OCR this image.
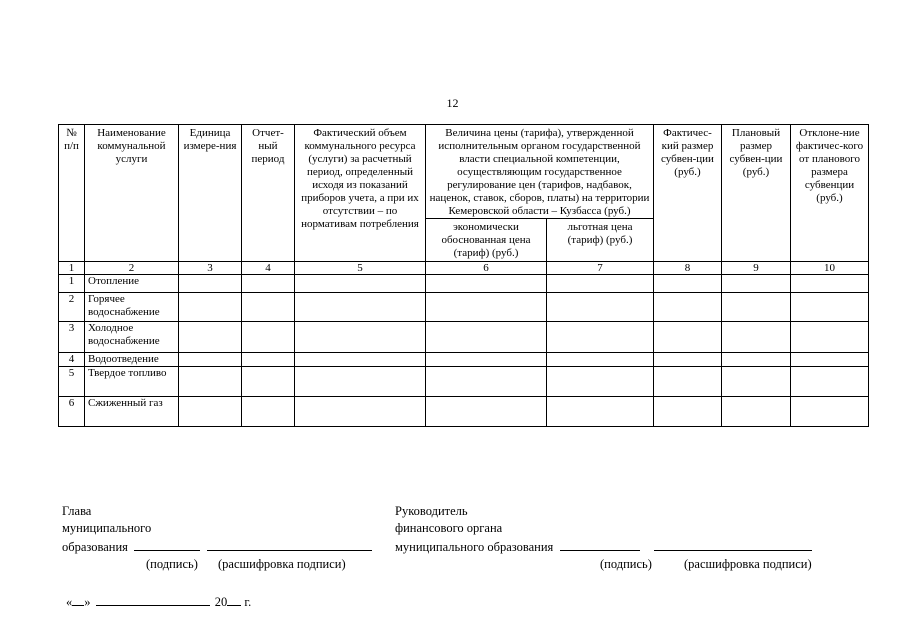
12
№ п/п	Наименование коммунальной услуги	Единица измере-ния	Отчет-ный период	Фактический объем коммунального ресурса (услуги) за расчетный период, определенный исходя из показаний приборов учета, а при их отсутствии – по нормативам потребления	Величина цены (тарифа), утвержденной исполнительным органом государственной власти специальной компетенции, осуществляющим государственное регулирование цен (тарифов, надбавок, наценок, ставок, сборов, платы) на территории Кемеровской области – Кузбасса (руб.)		Фактичес-кий размер субвен-ции (руб.)	Плановый размер субвен-ции (руб.)	Отклоне-ние фактичес-кого от планового размера субвенции (руб.)
					экономически обоснованная цена (тариф) (руб.)	льготная цена (тариф) (руб.)			
1	2	3	4	5	6	7	8	9	10
1	Отопление								
2	Горячее водоснабжение								
3	Холодное водоснабжение								
4	Водоотведение								
5	Твердое топливо								
6	Сжиженный газ								
Глава
муниципального
образования
(подпись) (расшифровка подписи)
Руководитель
финансового органа
муниципального образования
(подпись)	(расшифровка подписи)
« »	20 г.
